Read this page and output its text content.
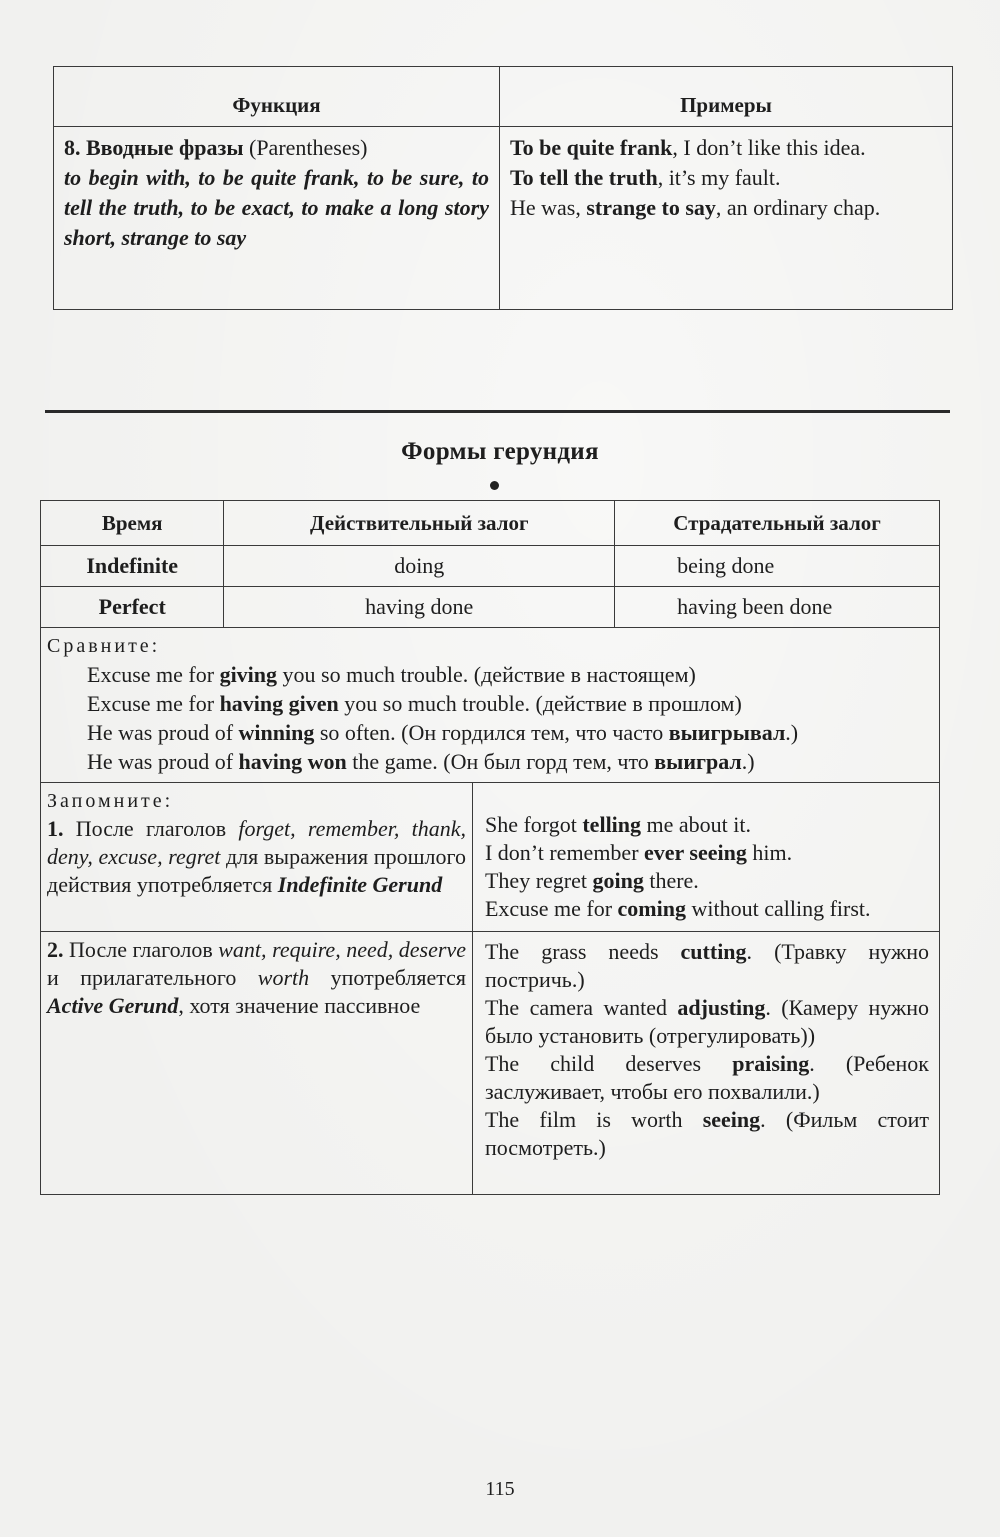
Функция	Примеры
8. Вводные фразы (Parentheses)
to begin with, to be quite frank, to be sure, to tell the truth, to be exact, to make a long story short, strange to say	To be quite frank, I don’t like this idea.
To tell the truth, it’s my fault.
He was, strange to say, an ordinary chap.
Формы герундия
Время	Действительный залог		Страдательный залог
Indefinite	doing		being done
Perfect	having done		having been done

Сравните:
Excuse me for giving you so much trouble. (действие в настоящем)
Excuse me for having given you so much trouble. (действие в прошлом)
He was proud of winning so often. (Он гордился тем, что часто выигрывал.)
He was proud of having won the game. (Он был горд тем, что выиграл.)			

Запомните:
1. После глаголов forget, remember, thank, deny, excuse, regret для выражения прошлого действия употребляется Indefinite Gerund		She forgot telling me about it.
I don’t remember ever seeing him.
They regret going there.
Excuse me for coming without calling first.	

2. После глаголов want, require, need, deserve и прилагательного worth употребляется Active Gerund, хотя значение пассивное		The grass needs cutting. (Травку нужно постричь.)
The camera wanted adjusting. (Камеру нужно было установить (отрегулировать))
The child deserves praising. (Ребенок заслуживает, чтобы его похвалили.)
The film is worth seeing. (Фильм стоит посмотреть.)	
115
